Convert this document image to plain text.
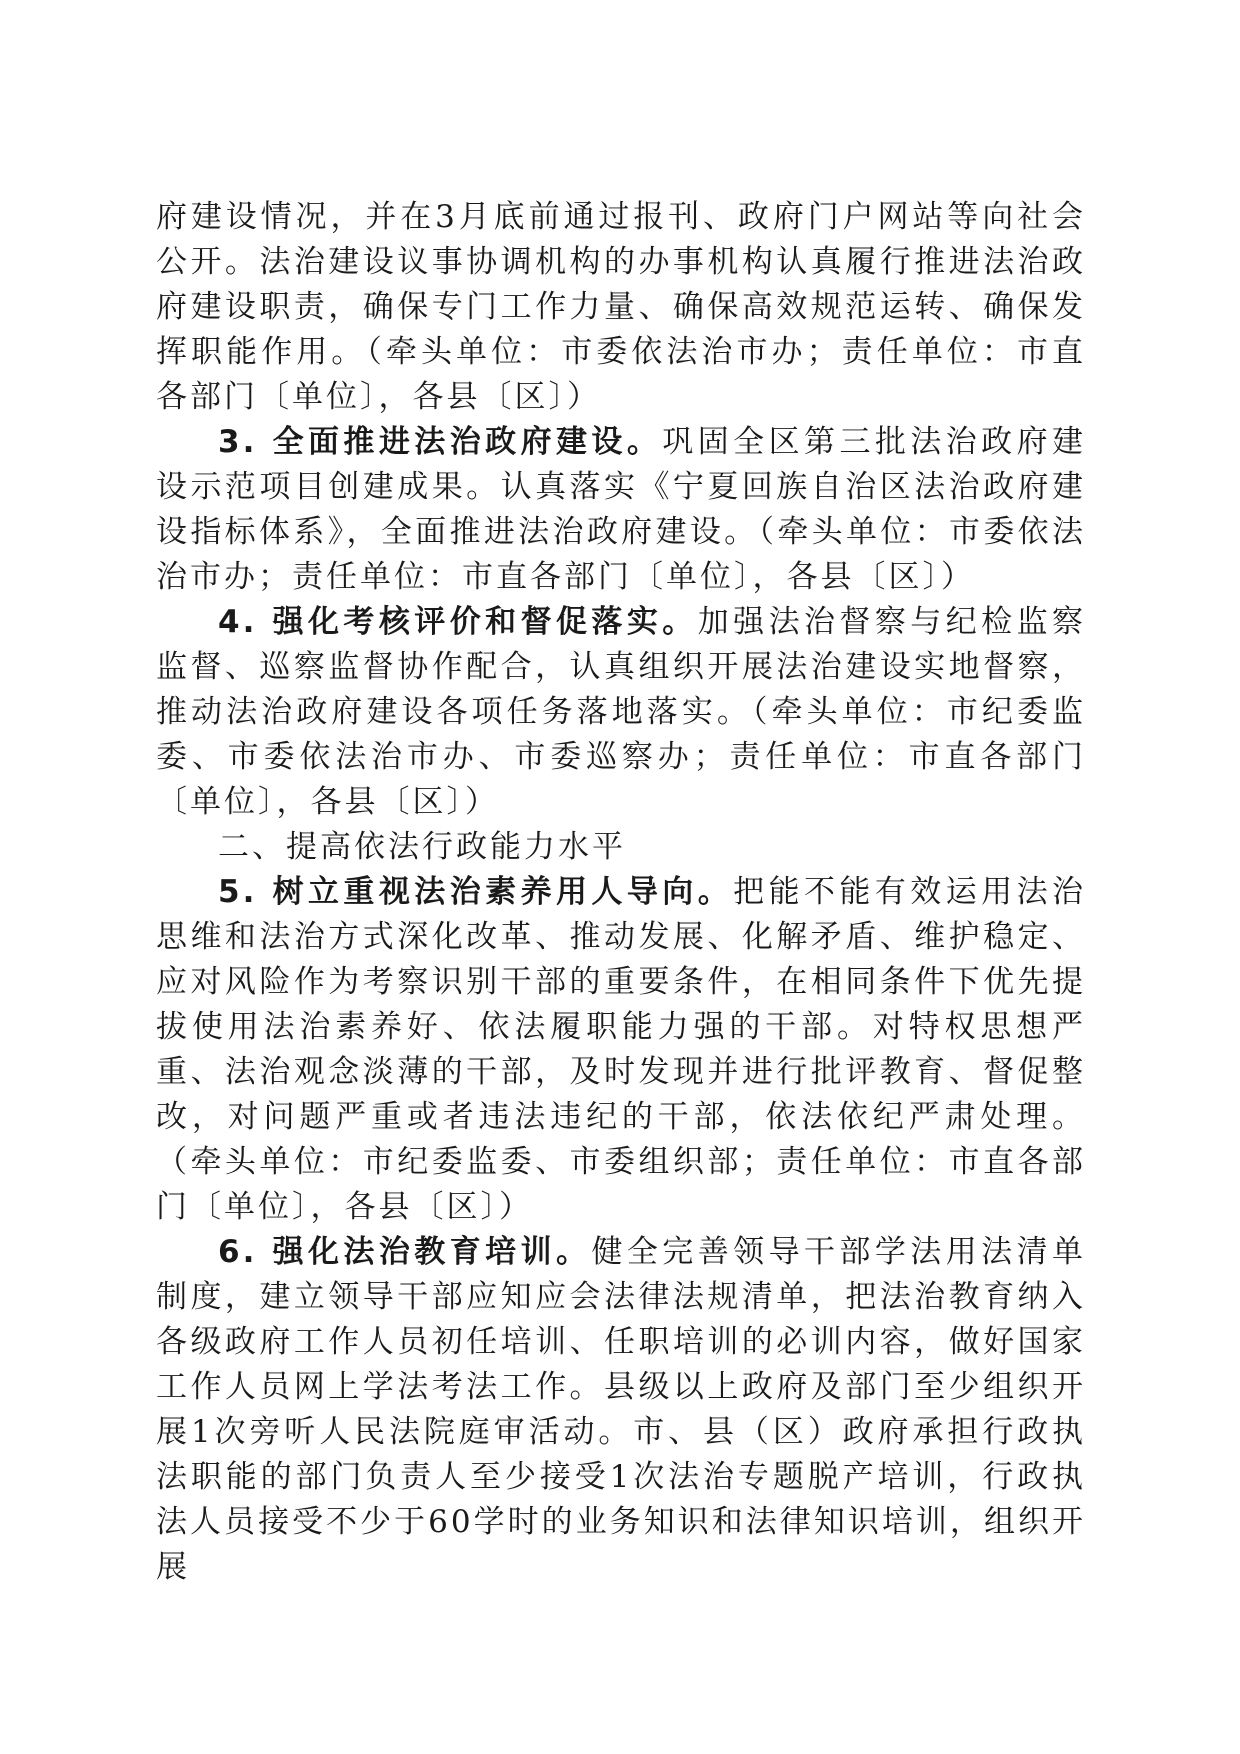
府建设情况，并在3月底前通过报刊、政府门户网站等向社会公开。法治建设议事协调机构的办事机构认真履行推进法治政府建设职责，确保专门工作力量、确保高效规范运转、确保发挥职能作用。（牵头单位：市委依法治市办；责任单位：市直各部门〔单位〕，各县〔区〕）

3. 全面推进法治政府建设。巩固全区第三批法治政府建设示范项目创建成果。认真落实《宁夏回族自治区法治政府建设指标体系》，全面推进法治政府建设。（牵头单位：市委依法治市办；责任单位：市直各部门〔单位〕，各县〔区〕）

4. 强化考核评价和督促落实。加强法治督察与纪检监察监督、巡察监督协作配合，认真组织开展法治建设实地督察，推动法治政府建设各项任务落地落实。（牵头单位：市纪委监委、市委依法治市办、市委巡察办；责任单位：市直各部门〔单位〕，各县〔区〕）

二、提高依法行政能力水平

5. 树立重视法治素养用人导向。把能不能有效运用法治思维和法治方式深化改革、推动发展、化解矛盾、维护稳定、应对风险作为考察识别干部的重要条件，在相同条件下优先提拔使用法治素养好、依法履职能力强的干部。对特权思想严重、法治观念淡薄的干部，及时发现并进行批评教育、督促整改，对问题严重或者违法违纪的干部，依法依纪严肃处理。（牵头单位：市纪委监委、市委组织部；责任单位：市直各部门〔单位〕，各县〔区〕）

6. 强化法治教育培训。健全完善领导干部学法用法清单制度，建立领导干部应知应会法律法规清单，把法治教育纳入各级政府工作人员初任培训、任职培训的必训内容，做好国家工作人员网上学法考法工作。县级以上政府及部门至少组织开展1次旁听人民法院庭审活动。市、县（区）政府承担行政执法职能的部门负责人至少接受1次法治专题脱产培训，行政执法人员接受不少于60学时的业务知识和法律知识培训，组织开展
